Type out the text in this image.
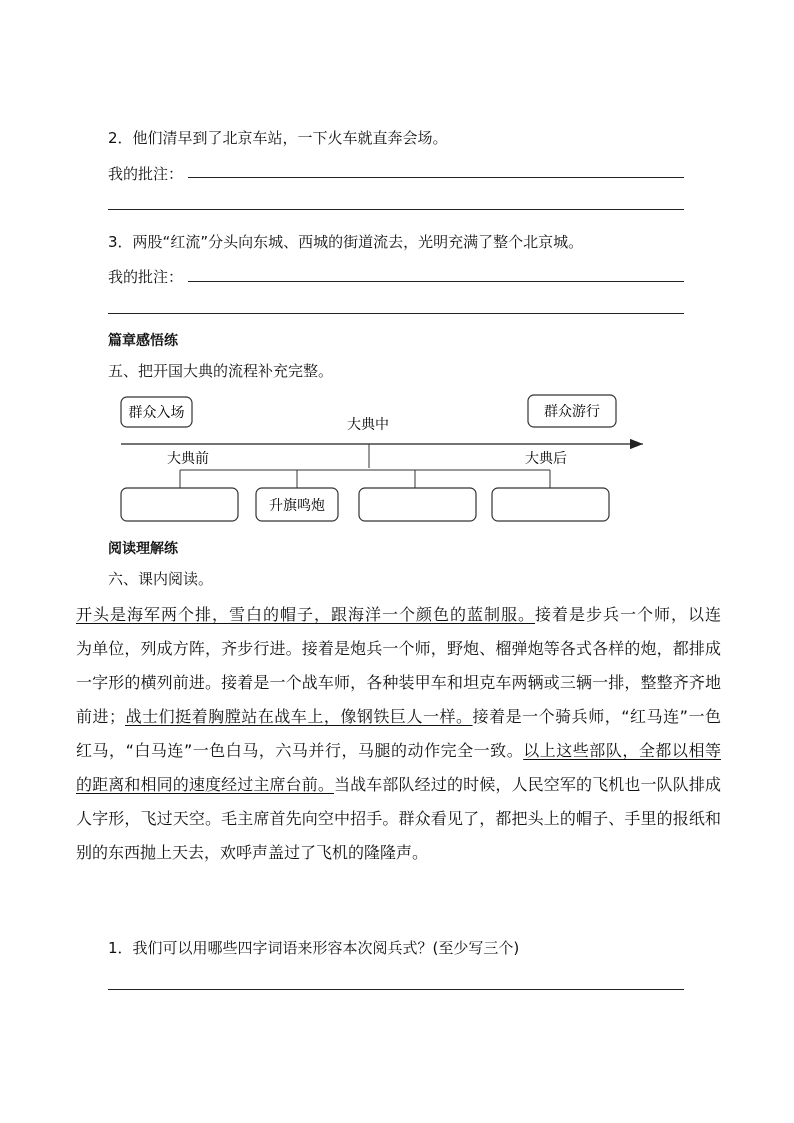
2．他们清早到了北京车站，一下火车就直奔会场。
我的批注：
3．两股“红流”分头向东城、西城的街道流去，光明充满了整个北京城。
我的批注：
篇章感悟练
五、把开国大典的流程补充完整。
群众入场	群众游行
大典中
大典前	大典后
升旗鸣炮
阅读理解练
六、课内阅读。
开头是海军两个排，雪白的帽子，跟海洋一个颜色的蓝制服。接着是步兵一个师，以连
为单位，列成方阵，齐步行进。接着是炮兵一个师，野炮、榴弹炮等各式各样的炮，都排成
一字形的横列前进。接着是一个战车师，各种装甲车和坦克车两辆或三辆一排，整整齐齐地
前进；战士们挺着胸膛站在战车上，像钢铁巨人一样。接着是一个骑兵师，“红马连”一色
红马，“白马连”一色白马，六马并行，马腿的动作完全一致。以上这些部队，全都以相等
的距离和相同的速度经过主席台前。当战车部队经过的时候，人民空军的飞机也一队队排成
人字形，飞过天空。毛主席首先向空中招手。群众看见了，都把头上的帽子、手里的报纸和
别的东西抛上天去，欢呼声盖过了飞机的隆隆声。
1．我们可以用哪些四字词语来形容本次阅兵式？(至少写三个)
